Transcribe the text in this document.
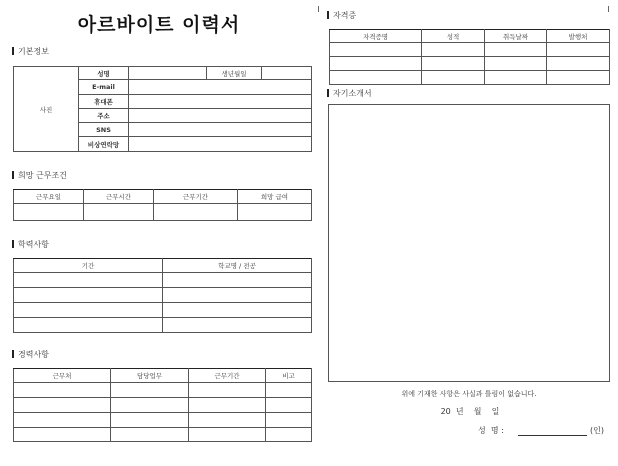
아르바이트 이력서
기본정보
사진	성명		생년월일	
	E-mail			
	휴대폰			
	주소			
	SNS			
	비상연락망			
희망 근무조건
근무요일	근무시간	근무기간	희망 급여

학력사항
기간	학교명 / 전공

경력사항
근무처	담당업무	근무기간	비고

자격증
자격증명	성적	취득날짜	발행처

자기소개서
위에 기재한 사항은 사실과 틀림이 없습니다.
20  년    월    일
성  명 :	(인)
